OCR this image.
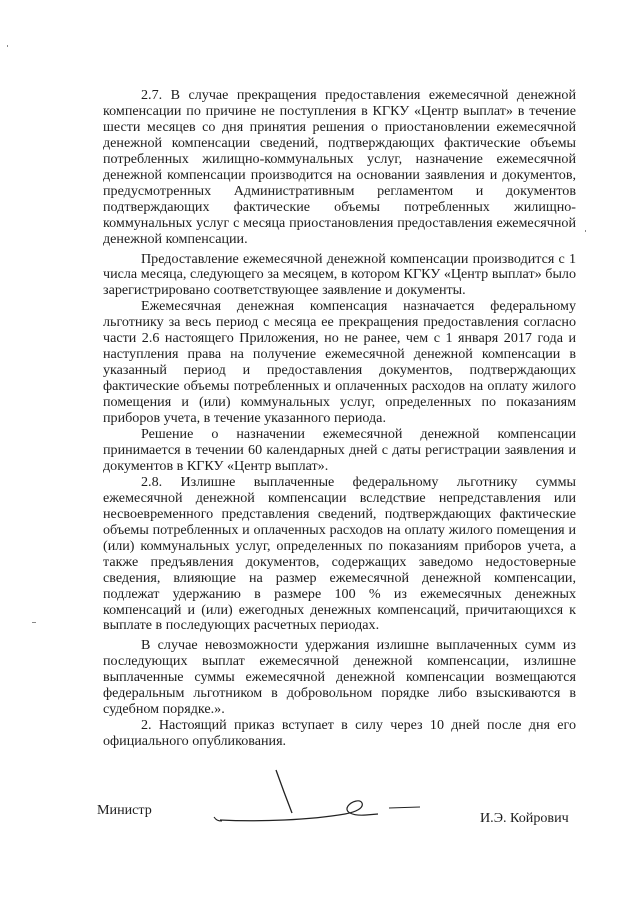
2.7. В случае прекращения предоставления ежемесячной денежной компенсации по причине не поступления в КГКУ «Центр выплат» в течение шести месяцев со дня принятия решения о приостановлении ежемесячной денежной компенсации сведений, подтверждающих фактические объемы потребленных жилищно-коммунальных услуг, назначение ежемесячной денежной компенсации производится на основании заявления и документов, предусмотренных Административным регламентом и документов подтверждающих фактические объемы потребленных жилищно-коммунальных услуг с месяца приостановления предоставления ежемесячной денежной компенсации.

Предоставление ежемесячной денежной компенсации производится с 1 числа месяца, следующего за месяцем, в котором КГКУ «Центр выплат» было зарегистрировано соответствующее заявление и документы.

Ежемесячная денежная компенсация назначается федеральному льготнику за весь период с месяца ее прекращения предоставления согласно части 2.6 настоящего Приложения, но не ранее, чем с 1 января 2017 года и наступления права на получение ежемесячной денежной компенсации в указанный период и предоставления документов, подтверждающих фактические объемы потребленных и оплаченных расходов на оплату жилого помещения и (или) коммунальных услуг, определенных по показаниям приборов учета, в течение указанного периода.

Решение о назначении ежемесячной денежной компенсации принимается в течении 60 календарных дней с даты регистрации заявления и документов в КГКУ «Центр выплат».

2.8. Излишне выплаченные федеральному льготнику суммы ежемесячной денежной компенсации вследствие непредставления или несвоевременного представления сведений, подтверждающих фактические объемы потребленных и оплаченных расходов на оплату жилого помещения и (или) коммунальных услуг, определенных по показаниям приборов учета, а также предъявления документов, содержащих заведомо недостоверные сведения, влияющие на размер ежемесячной денежной компенсации, подлежат удержанию в размере 100 % из ежемесячных денежных компенсаций и (или) ежегодных денежных компенсаций, причитающихся к выплате в последующих расчетных периодах.

В случае невозможности удержания излишне выплаченных сумм из последующих выплат ежемесячной денежной компенсации, излишне выплаченные суммы ежемесячной денежной компенсации возмещаются федеральным льготником в добровольном порядке либо взыскиваются в судебном порядке.».

2. Настоящий приказ вступает в силу через 10 дней после дня его официального опубликования.

Министр	И.Э. Койрович
